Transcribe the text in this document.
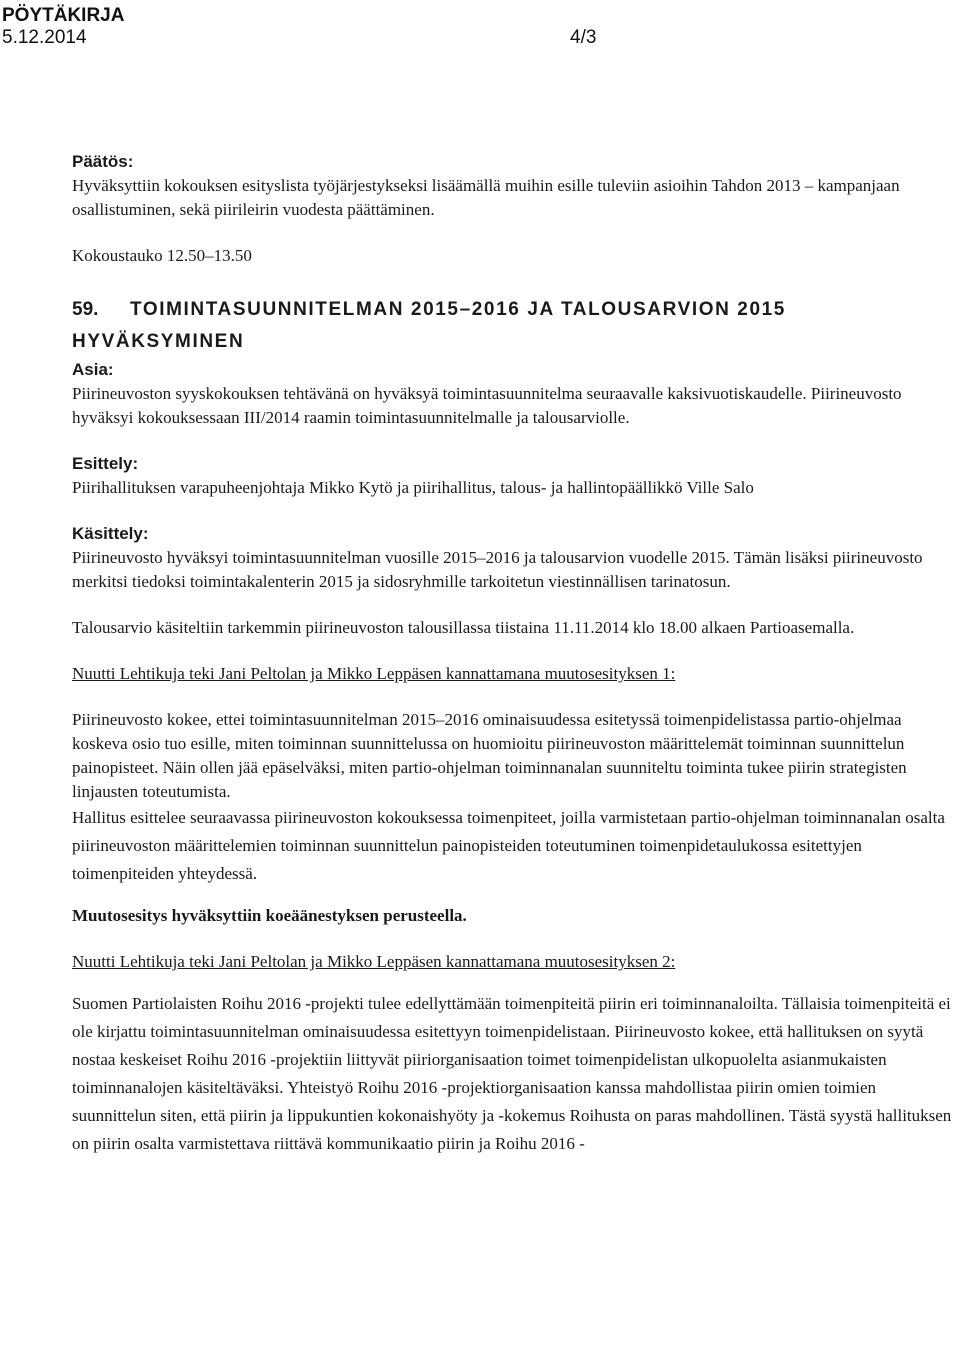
PÖYTÄKIRJA

5.12.2014	4/3

Päätös:

Hyväksyttiin kokouksen esityslista työjärjestykseksi lisäämällä muihin esille tuleviin asioihin Tahdon 2013 – kampanjaan osallistuminen, sekä piirileirin vuodesta päättäminen.

Kokoustauko 12.50–13.50

59. TOIMINTASUUNNITELMAN 2015–2016 JA TALOUSARVION 2015
HYVÄKSYMINEN

Asia:

Piirineuvoston syyskokouksen tehtävänä on hyväksyä toimintasuunnitelma seuraavalle kaksivuotiskaudelle. Piirineuvosto hyväksyi kokouksessaan III/2014 raamin toimintasuunnitelmalle ja talousarviolle.

Esittely:

Piirihallituksen varapuheenjohtaja Mikko Kytö ja piirihallitus, talous- ja hallintopäällikkö Ville Salo

Käsittely:

Piirineuvosto hyväksyi toimintasuunnitelman vuosille 2015–2016 ja talousarvion vuodelle 2015. Tämän lisäksi piirineuvosto merkitsi tiedoksi toimintakalenterin 2015 ja sidosryhmille tarkoitetun viestinnällisen tarinatosun.

Talousarvio käsiteltiin tarkemmin piirineuvoston talousillassa tiistaina 11.11.2014 klo 18.00 alkaen Partioasemalla.

Nuutti Lehtikuja teki Jani Peltolan ja Mikko Leppäsen kannattamana muutosesityksen 1:

Piirineuvosto kokee, ettei toimintasuunnitelman 2015–2016 ominaisuudessa esitetyssä toimenpidelistassa partio-ohjelmaa koskeva osio tuo esille, miten toiminnan suunnittelussa on huomioitu piirineuvoston määrittelemät toiminnan suunnittelun painopisteet. Näin ollen jää epäselväksi, miten partio-ohjelman toiminnanalan suunniteltu toiminta tukee piirin strategisten linjausten toteutumista.

Hallitus esittelee seuraavassa piirineuvoston kokouksessa toimenpiteet, joilla varmistetaan partio-ohjelman toiminnanalan osalta piirineuvoston määrittelemien toiminnan suunnittelun painopisteiden toteutuminen toimenpidetaulukossa esitettyjen toimenpiteiden yhteydessä.

Muutosesitys hyväksyttiin koeäänestyksen perusteella.

Nuutti Lehtikuja teki Jani Peltolan ja Mikko Leppäsen kannattamana muutosesityksen 2:

Suomen Partiolaisten Roihu 2016 -projekti tulee edellyttämään toimenpiteitä piirin eri toiminnanaloilta. Tällaisia toimenpiteitä ei ole kirjattu toimintasuunnitelman ominaisuudessa esitettyyn toimenpidelistaan. Piirineuvosto kokee, että hallituksen on syytä nostaa keskeiset Roihu 2016 -projektiin liittyvät piiriorganisaation toimet toimenpidelistan ulkopuolelta asianmukaisten toiminnanalojen käsiteltäväksi. Yhteistyö Roihu 2016 -projektiorganisaation kanssa mahdollistaa piirin omien toimien suunnittelun siten, että piirin ja lippukuntien kokonaishyöty ja -kokemus Roihusta on paras mahdollinen. Tästä syystä hallituksen on piirin osalta varmistettava riittävä kommunikaatio piirin ja Roihu 2016 -
